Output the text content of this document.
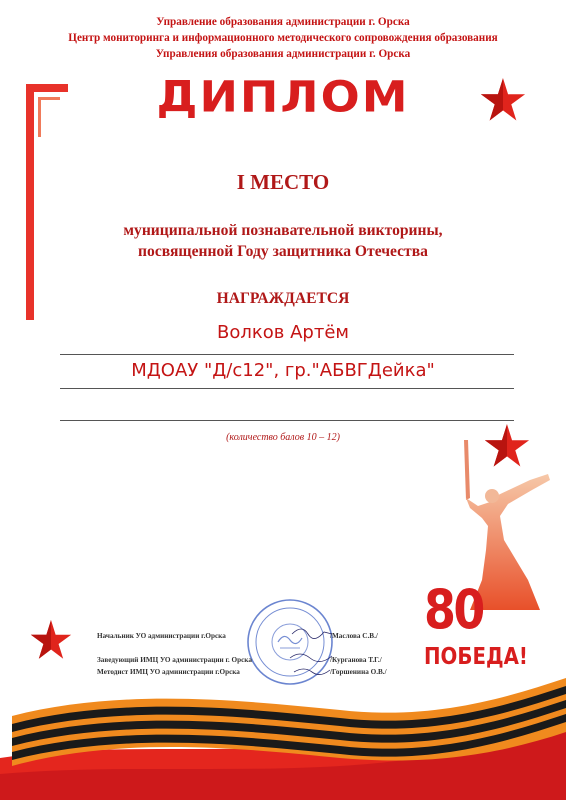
Управление образования администрации г. Орска
Центр мониторинга и информационного методического сопровождения образования
Управления образования администрации г. Орска
ДИПЛОМ
I МЕСТО
муниципальной познавательной викторины,
посвященной Году защитника Отечества
НАГРАЖДАЕТСЯ
Волков Артём
МДОАУ "Д/с12", гр."АБВГДейка"
(количество балов 10 – 12)
Начальник УО администрации г.Орска	/Маслова С.В./
Заведующий ИМЦ УО администрации г. Орска	/Курганова Т.Г./
Методист ИМЦ УО администрации г.Орска	/Горшенина О.В./
80
ПОБЕДА!
